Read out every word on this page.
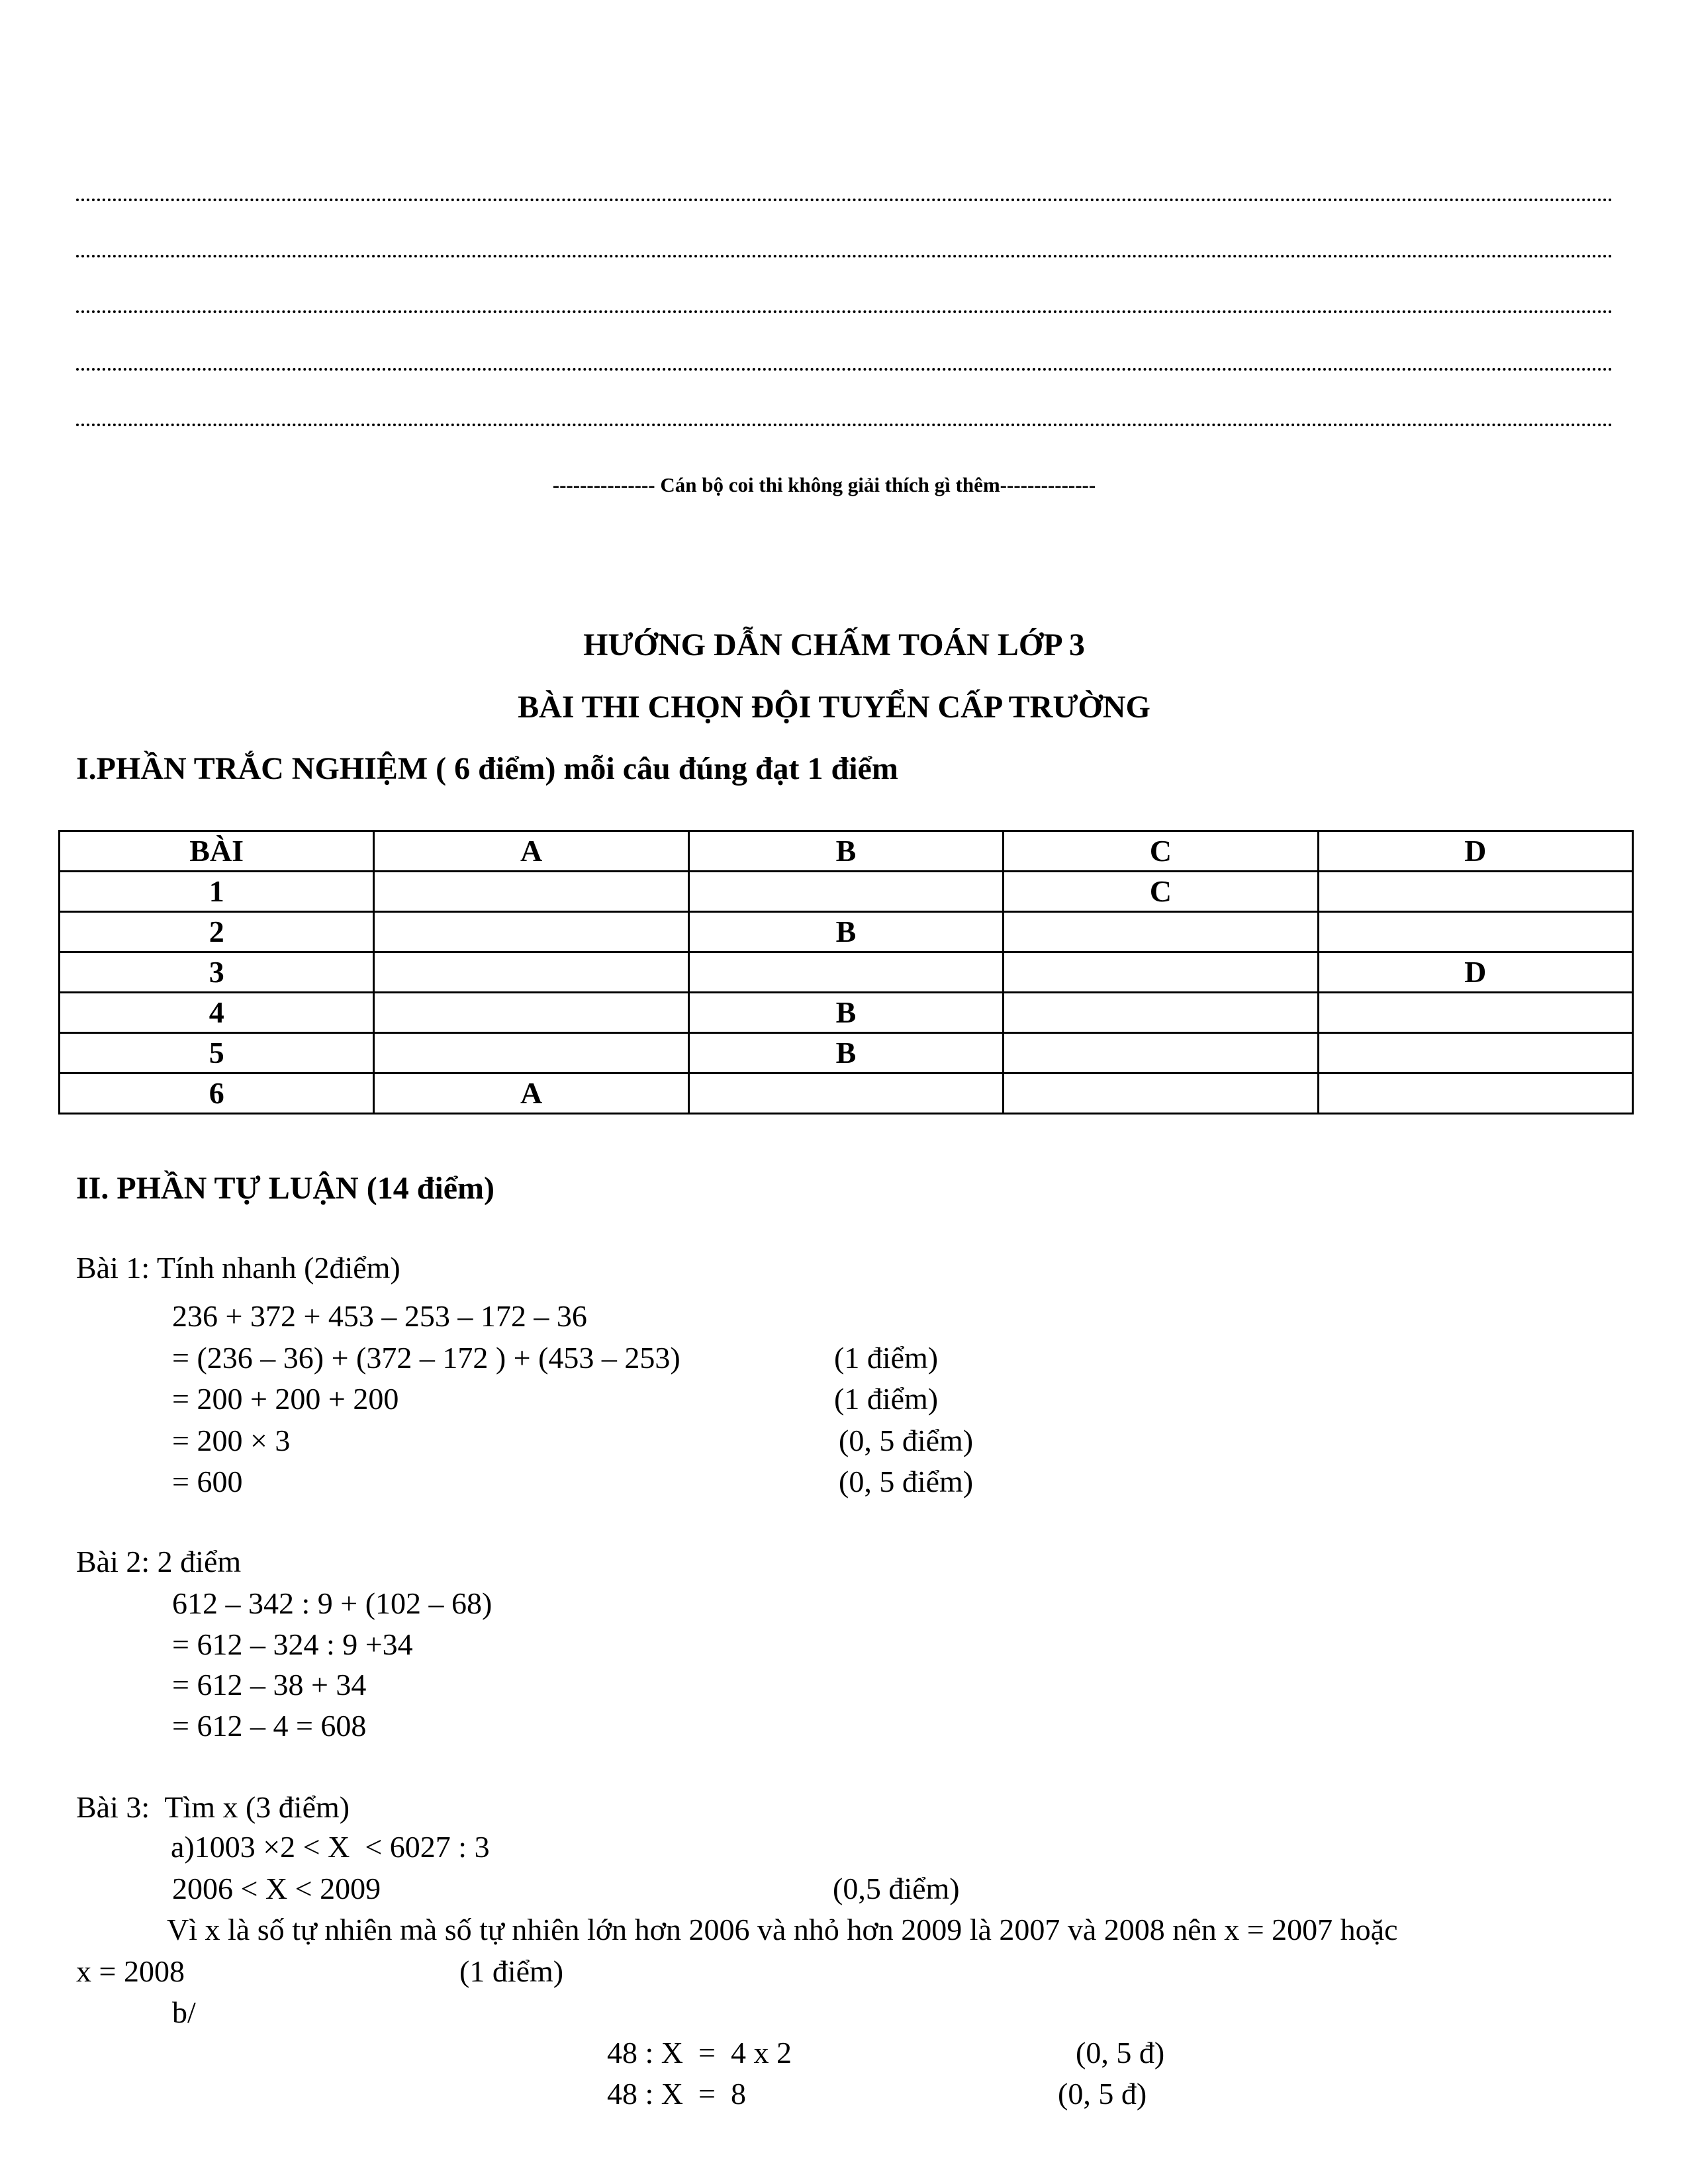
--------------- Cán bộ coi thi không giải thích gì thêm--------------
HƯỚNG DẪN CHẤM TOÁN LỚP 3
BÀI THI CHỌN ĐỘI TUYỂN CẤP TRƯỜNG
I.PHẦN TRẮC NGHIỆM ( 6 điểm) mỗi câu đúng đạt 1 điểm
BÀI	A	B	C	D
1			C	
2		B		
3				D
4		B		
5		B		
6	A			
II. PHẦN TỰ LUẬN (14 điểm)
Bài 1: Tính nhanh (2điểm)
236 + 372 + 453 – 253 – 172 – 36
= (236 – 36) + (372 – 172 ) + (453 – 253)	(1 điểm)
= 200 + 200 + 200	(1 điểm)
= 200 × 3	(0, 5 điểm)
= 600	(0, 5 điểm)
Bài 2: 2 điểm
612 – 342 : 9 + (102 – 68)
= 612 – 324 : 9 +34
= 612 – 38 + 34
= 612 – 4 = 608
Bài 3:  Tìm x (3 điểm)
a)1003 ×2 < X  < 6027 : 3
2006 < X < 2009	(0,5 điểm)
Vì x là số tự nhiên mà số tự nhiên lớn hơn 2006 và nhỏ hơn 2009 là 2007 và 2008 nên x = 2007 hoặc
x = 2008	(1 điểm)
b/
48 : X  =  4 x 2	(0, 5 đ)
48 : X  =  8	(0, 5 đ)
